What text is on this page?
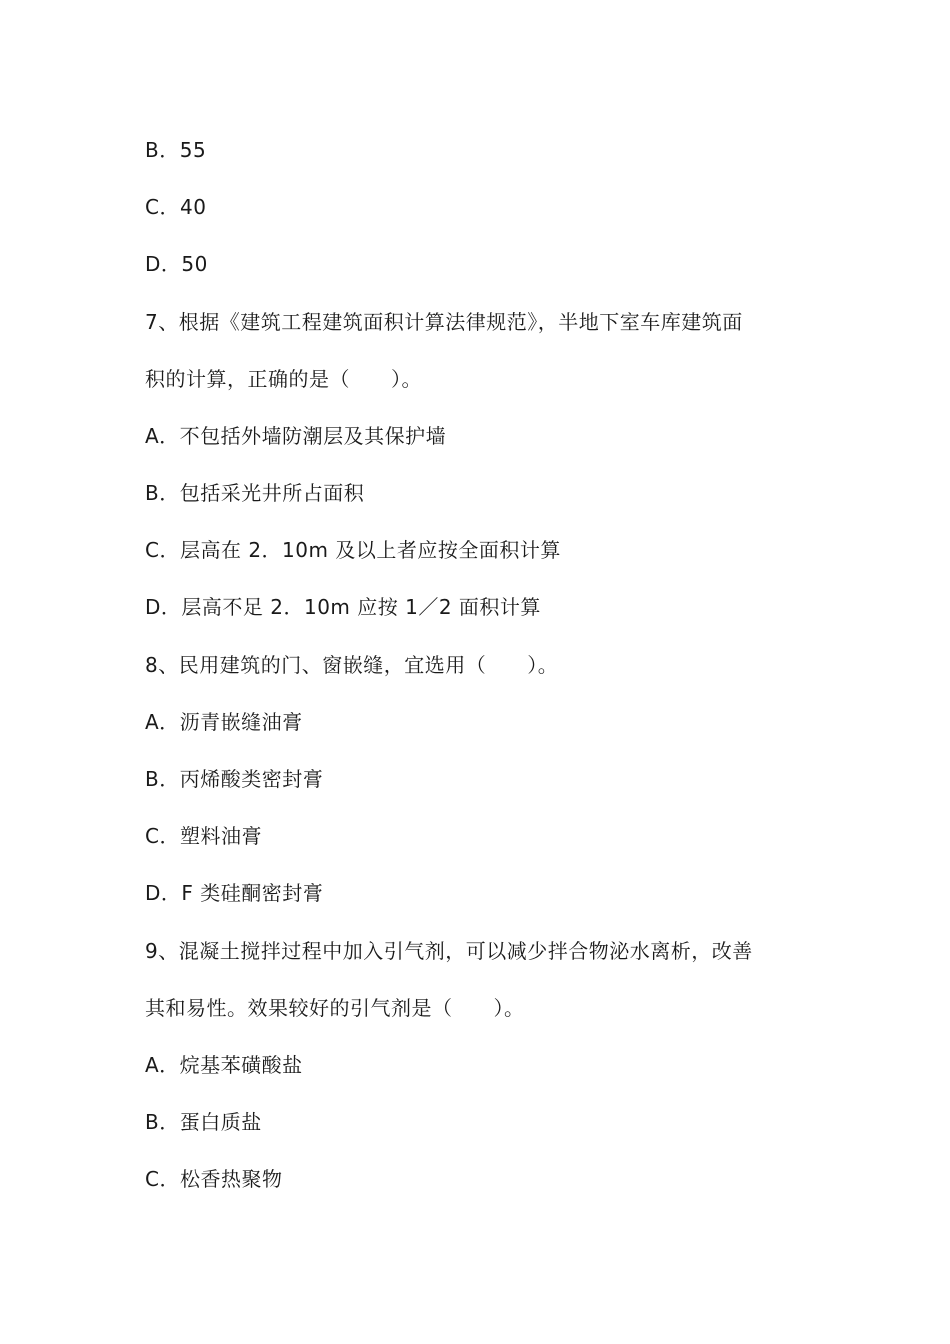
B．55
C．40
D．50
7、根据《建筑工程建筑面积计算法律规范》，半地下室车库建筑面
积的计算，正确的是（　　）。
A．不包括外墙防潮层及其保护墙
B．包括采光井所占面积
C．层高在 2．10m 及以上者应按全面积计算
D．层高不足 2．10m 应按 1／2 面积计算
8、民用建筑的门、窗嵌缝，宜选用（　　）。
A．沥青嵌缝油膏
B．丙烯酸类密封膏
C．塑料油膏
D．F 类硅酮密封膏
9、混凝土搅拌过程中加入引气剂，可以减少拌合物泌水离析，改善
其和易性。效果较好的引气剂是（　　）。
A．烷基苯磺酸盐
B．蛋白质盐
C．松香热聚物
